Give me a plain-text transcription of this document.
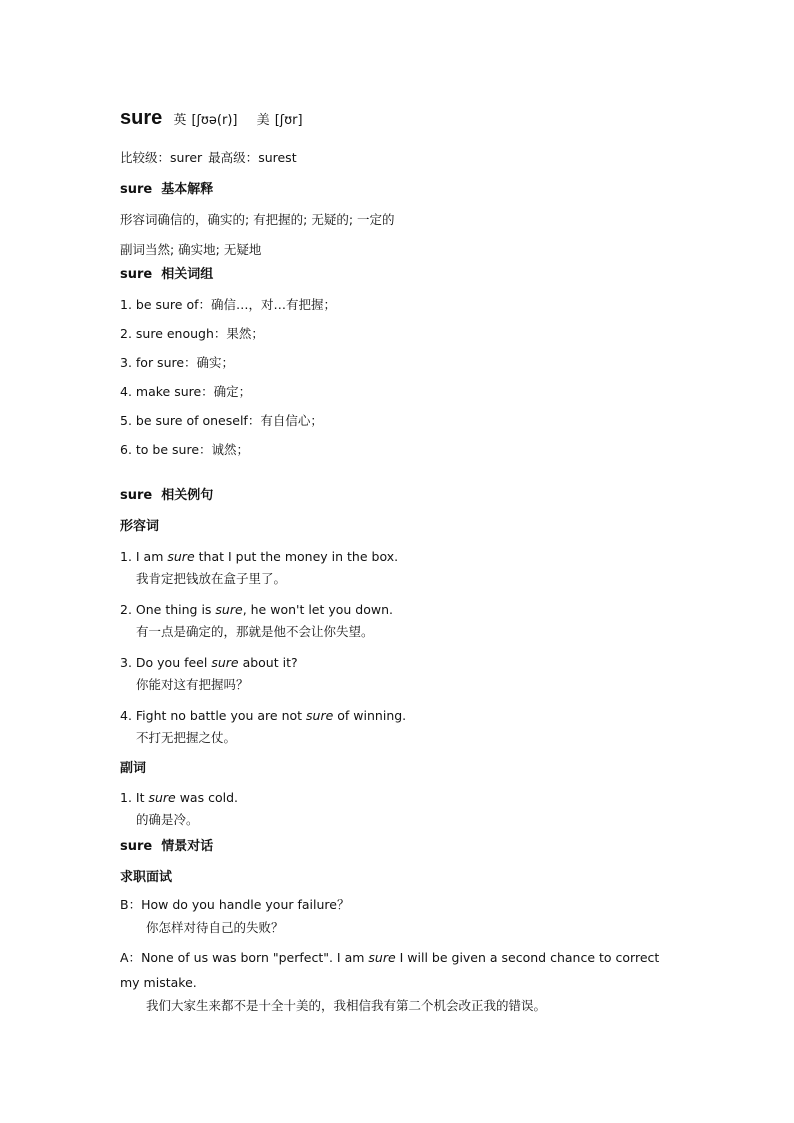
sure 英 [ʃʊə(r)] 美 [ʃʊr]
比较级：surer 最高级：surest
sure 基本解释
形容词确信的，确实的; 有把握的; 无疑的; 一定的
副词当然; 确实地; 无疑地
sure 相关词组
1. be sure of：确信…，对…有把握；
2. sure enough：果然；
3. for sure：确实；
4. make sure：确定；
5. be sure of oneself：有自信心；
6. to be sure：诚然；
sure 相关例句
形容词
1. I am sure that I put the money in the box.
我肯定把钱放在盒子里了。
2. One thing is sure, he won't let you down.
有一点是确定的，那就是他不会让你失望。
3. Do you feel sure about it?
你能对这有把握吗？
4. Fight no battle you are not sure of winning.
不打无把握之仗。
副词
1. It sure was cold.
的确是冷。
sure 情景对话
求职面试
B：How do you handle your failure？
你怎样对待自己的失败？
A：None of us was born "perfect". I am sure I will be given a second chance to correct
my mistake.
我们大家生来都不是十全十美的，我相信我有第二个机会改正我的错误。
